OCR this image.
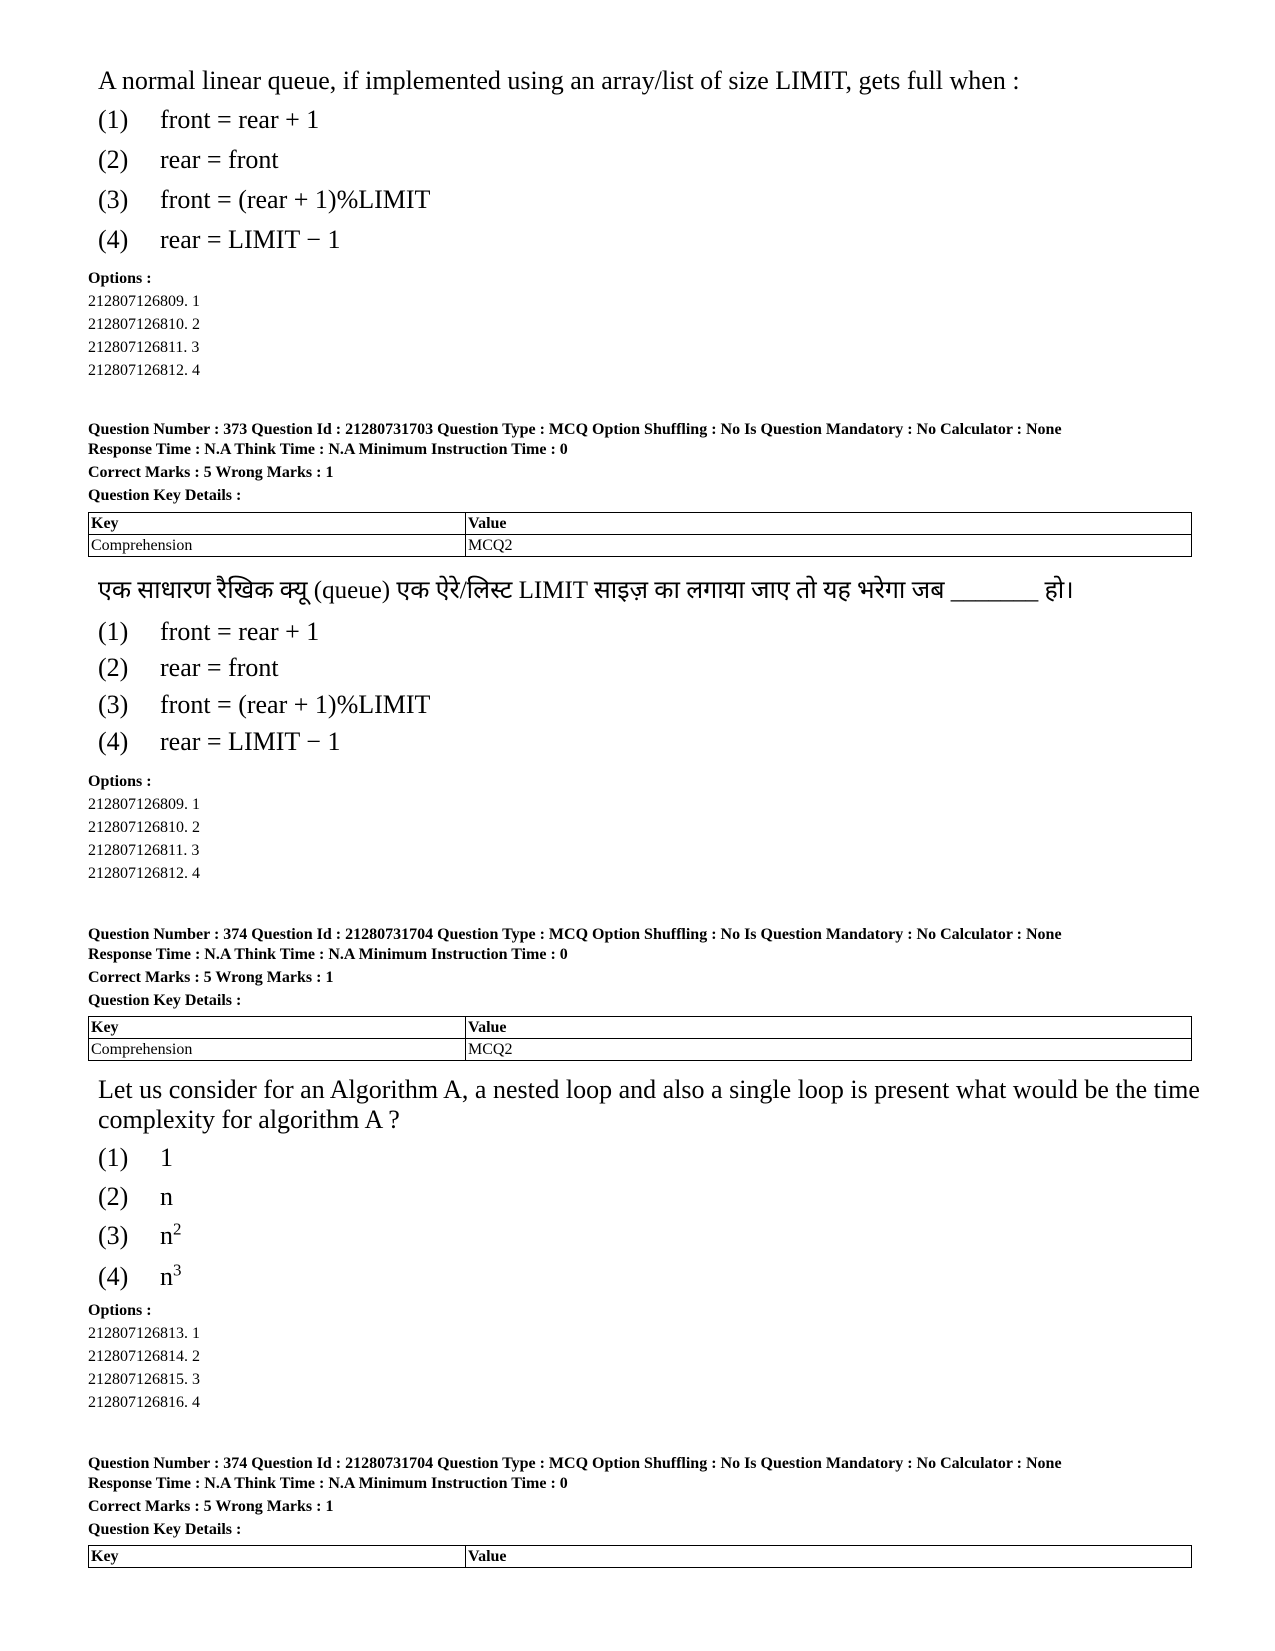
A normal linear queue, if implemented using an array/list of size LIMIT, gets full when :
(1) front = rear + 1
(2) rear = front
(3) front = (rear + 1)%LIMIT
(4) rear = LIMIT − 1
Options :
212807126809. 1
212807126810. 2
212807126811. 3
212807126812. 4
Question Number : 373 Question Id : 21280731703 Question Type : MCQ Option Shuffling : No Is Question Mandatory : No Calculator : None
Response Time : N.A Think Time : N.A Minimum Instruction Time : 0
Correct Marks : 5 Wrong Marks : 1
Question Key Details :
Key	Value
Comprehension	MCQ2
एक साधारण रैखिक क्यू (queue) एक ऐरे/लिस्ट LIMIT साइज़ का लगाया जाए तो यह भरेगा जब _______ हो।
(1) front = rear + 1
(2) rear = front
(3) front = (rear + 1)%LIMIT
(4) rear = LIMIT − 1
Options :
212807126809. 1
212807126810. 2
212807126811. 3
212807126812. 4
Question Number : 374 Question Id : 21280731704 Question Type : MCQ Option Shuffling : No Is Question Mandatory : No Calculator : None
Response Time : N.A Think Time : N.A Minimum Instruction Time : 0
Correct Marks : 5 Wrong Marks : 1
Question Key Details :
Key	Value
Comprehension	MCQ2
Let us consider for an Algorithm A, a nested loop and also a single loop is present what would be the time complexity for algorithm A ?
(1) 1
(2) n
(3) $n^2$
(4) $n^3$
Options :
212807126813. 1
212807126814. 2
212807126815. 3
212807126816. 4
Question Number : 374 Question Id : 21280731704 Question Type : MCQ Option Shuffling : No Is Question Mandatory : No Calculator : None
Response Time : N.A Think Time : N.A Minimum Instruction Time : 0
Correct Marks : 5 Wrong Marks : 1
Question Key Details :
Key	Value
